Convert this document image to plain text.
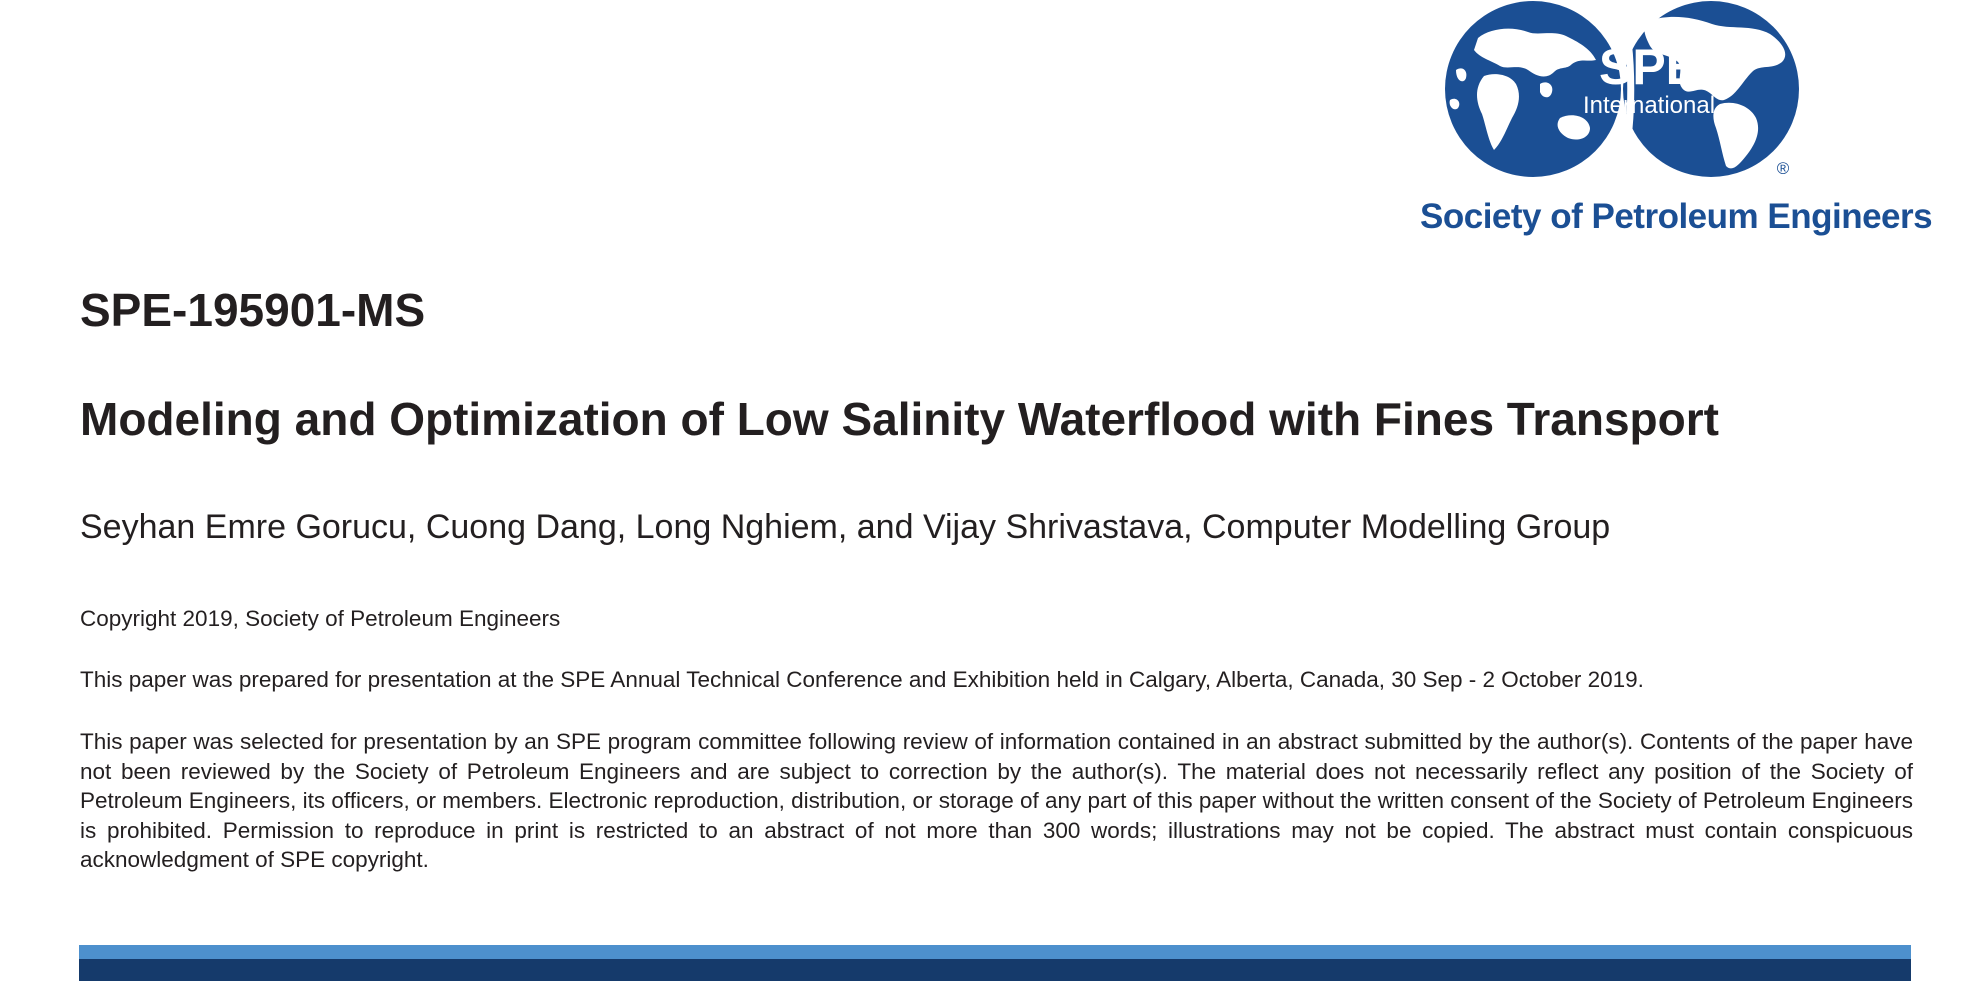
SPE
International
®
Society of Petroleum Engineers
SPE-195901-MS
Modeling and Optimization of Low Salinity Waterflood with Fines Transport
Seyhan Emre Gorucu, Cuong Dang, Long Nghiem, and Vijay Shrivastava, Computer Modelling Group
Copyright 2019, Society of Petroleum Engineers
This paper was prepared for presentation at the SPE Annual Technical Conference and Exhibition held in Calgary, Alberta, Canada, 30 Sep - 2 October 2019.

This paper was selected for presentation by an SPE program committee following review of information contained in an abstract submitted by the author(s). Contents of the paper have not been reviewed by the Society of Petroleum Engineers and are subject to correction by the author(s). The material does not necessarily reflect any position of the Society of Petroleum Engineers, its officers, or members. Electronic reproduction, distribution, or storage of any part of this paper without the written consent of the Society of Petroleum Engineers is prohibited. Permission to reproduce in print is restricted to an abstract of not more than 300 words; illustrations may not be copied. The abstract must contain conspicuous acknowledgment of SPE copyright.
